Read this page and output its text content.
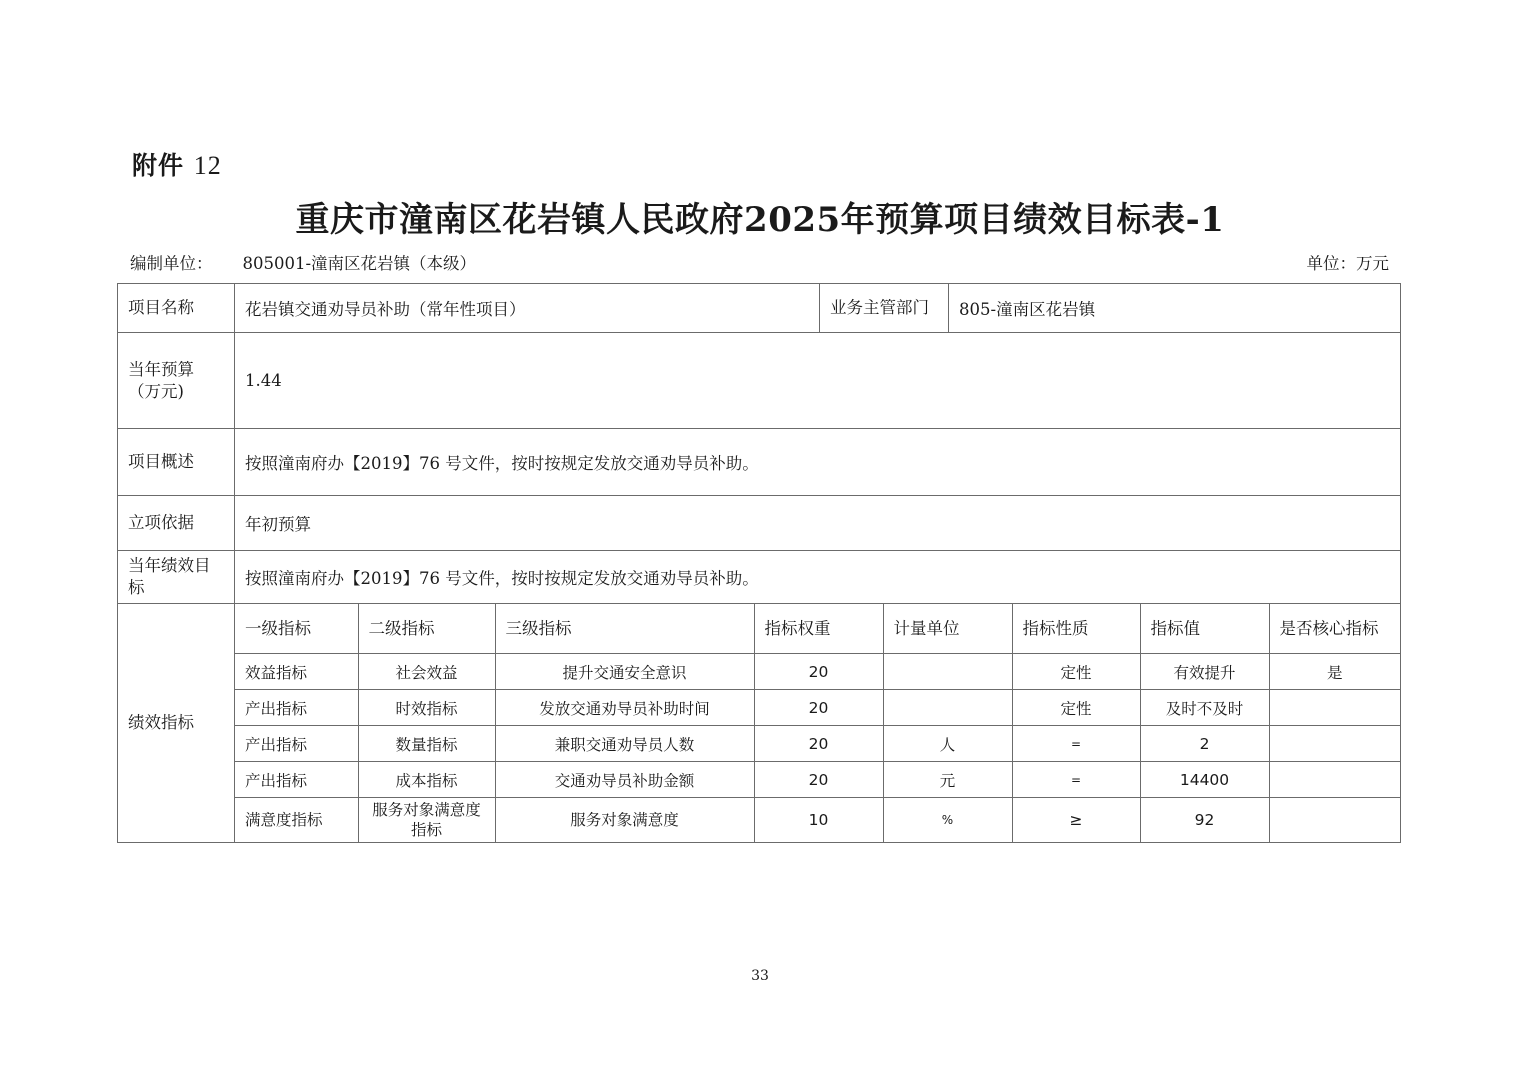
附件 12
重庆市潼南区花岩镇人民政府2025年预算项目绩效目标表-1
编制单位： 805001-潼南区花岩镇（本级）	单位：万元
项目名称	花岩镇交通劝导员补助（常年性项目）	业务主管部门	805-潼南区花岩镇
当年预算（万元)	1.44
项目概述	按照潼南府办【2019】76 号文件，按时按规定发放交通劝导员补助。
立项依据	年初预算
当年绩效目标	按照潼南府办【2019】76 号文件，按时按规定发放交通劝导员补助。
绩效指标	
一级指标	二级指标	三级指标	指标权重	计量单位	指标性质	指标值	是否核心指标
效益指标	社会效益	提升交通安全意识	20		定性	有效提升	是
产出指标	时效指标	发放交通劝导员补助时间	20		定性	及时不及时	
产出指标	数量指标	兼职交通劝导员人数	20	人	=	2	
产出指标	成本指标	交通劝导员补助金额	20	元	=	14400	
满意度指标	服务对象满意度指标	服务对象满意度	10	%	≥	92	
33
